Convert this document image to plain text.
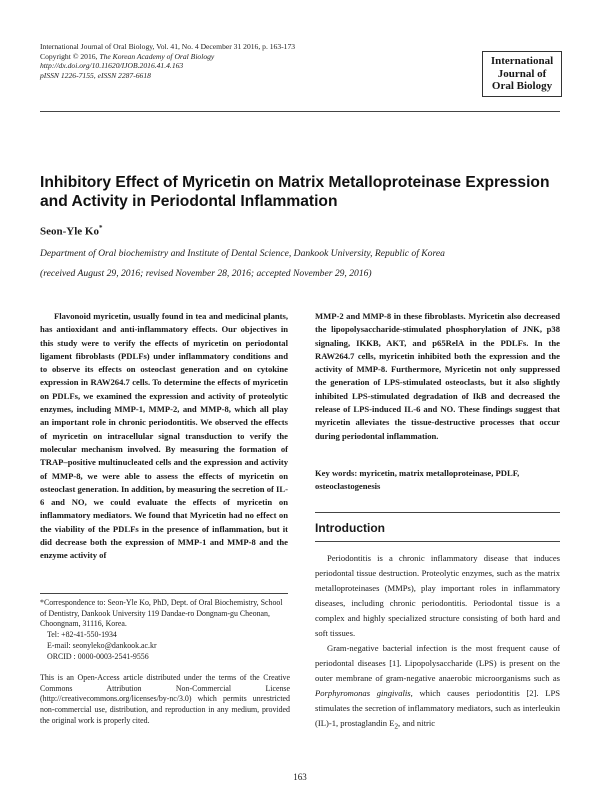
International Journal of Oral Biology, Vol. 41, No. 4 December 31 2016, p. 163-173
Copyright © 2016, The Korean Academy of Oral Biology
http://dx.doi.org/10.11620/IJOB.2016.41.4.163
pISSN 1226-7155, eISSN 2287-6618
International
Journal of
Oral Biology
Inhibitory Effect of Myricetin on Matrix Metalloproteinase Expression and Activity in Periodontal Inflammation
Seon-Yle Ko*
Department of Oral biochemistry and Institute of Dental Science, Dankook University, Republic of Korea
(received August 29, 2016; revised November 28, 2016; accepted November 29, 2016)

Flavonoid myricetin, usually found in tea and medicinal plants, has antioxidant and anti-inflammatory effects. Our objectives in this study were to verify the effects of myricetin on periodontal ligament fibroblasts (PDLFs) under inflammatory conditions and to observe its effects on osteoclast generation and on cytokine expression in RAW264.7 cells. To determine the effects of myricetin on PDLFs, we examined the expression and activity of proteolytic enzymes, including MMP-1, MMP-2, and MMP-8, which all play an important role in chronic periodontitis. We observed the effects of myricetin on intracellular signal transduction to verify the molecular mechanism involved. By measuring the formation of TRAP–positive multinucleated cells and the expression and activity of MMP-8, we were able to assess the effects of myricetin on osteoclast generation. In addition, by measuring the secretion of IL-6 and NO, we could evaluate the effects of myricetin on inflammatory mediators. We found that Myricetin had no effect on the viability of the PDLFs in the presence of inflammation, but it did decrease both the expression of MMP-1 and MMP-8 and the enzyme activity of

MMP-2 and MMP-8 in these fibroblasts. Myricetin also decreased the lipopolysaccharide-stimulated phosphorylation of JNK, p38 signaling, IKKB, AKT, and p65RelA in the PDLFs. In the RAW264.7 cells, myricetin inhibited both the expression and the activity of MMP-8. Furthermore, Myricetin not only suppressed the generation of LPS-stimulated osteoclasts, but it also slightly inhibited LPS-stimulated degradation of IkB and decreased the release of LPS-induced IL-6 and NO. These findings suggest that myricetin alleviates the tissue-destructive processes that occur during periodontal inflammation.

Key words: myricetin, matrix metalloproteinase, PDLF, osteoclastogenesis

Introduction

Periodontitis is a chronic inflammatory disease that induces periodontal tissue destruction. Proteolytic enzymes, such as the matrix metalloproteinases (MMPs), play important roles in inflammatory diseases, including chronic periodontitis. Periodontal tissue is a complex and highly specialized structure consisting of both hard and soft tissues.

Gram-negative bacterial infection is the most frequent cause of periodontal diseases [1]. Lipopolysaccharide (LPS) is present on the outer membrane of gram-negative anaerobic microorganisms such as Porphyromonas gingivalis, which causes periodontitis [2]. LPS stimulates the secretion of inflammatory mediators, such as interleukin (IL)-1, prostaglandin $E_2$, and nitric

*Correspondence to: Seon-Yle Ko, PhD, Dept. of Oral Biochemistry, School of Dentistry, Dankook University 119 Dandae-ro Dongnam-gu Cheonan, Choongnam, 31116, Korea.

Tel: +82-41-550-1934

E-mail: seonyleko@dankook.ac.kr

ORCID : 0000-0003-2541-9556

This is an Open-Access article distributed under the terms of the Creative Commons Attribution Non-Commercial License (http://creativecommons.org/licenses/by-nc/3.0) which permits unrestricted non-commercial use, distribution, and reproduction in any medium, provided the original work is properly cited.

163
